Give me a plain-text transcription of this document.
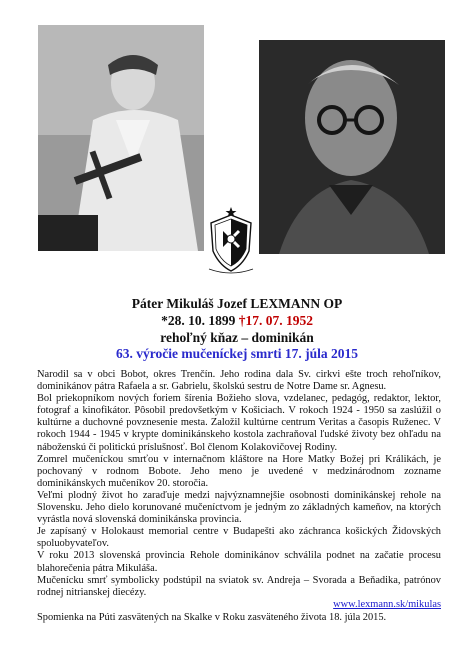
Páter Mikuláš Jozef LEXMANN OP
*28. 10. 1899 †17. 07. 1952
rehoľný kňaz – dominikán
63. výročie mučeníckej smrti 17. júla 2015

Narodil sa v obci Bobot, okres Trenčín. Jeho rodina dala Sv. cirkvi ešte troch rehoľníkov, dominikánov pátra Rafaela a sr. Gabrielu, školskú sestru de Notre Dame sr. Agnesu.

Bol priekopníkom nových foriem šírenia Božieho slova, vzdelanec, pedagóg, redaktor, lektor, fotograf a kinofikátor. Pôsobil predovšetkým v Košiciach. V rokoch 1924 - 1950 sa zaslúžil o kultúrne a duchovné povznesenie mesta. Založil kultúrne centrum Veritas a časopis Ruženec. V rokoch 1944 - 1945 v krypte dominikánskeho kostola zachraňoval ľudské životy bez ohľadu na náboženskú či politickú príslušnosť. Bol členom Kolakovičovej Rodiny.

Zomrel mučeníckou smrťou v internačnom kláštore na Hore Matky Božej pri Králikách, je pochovaný v rodnom Bobote. Jeho meno je uvedené v medzinárodnom zozname dominikánskych mučeníkov 20. storočia.

Veľmi plodný život ho zaraďuje medzi najvýznamnejšie osobnosti dominikánskej rehole na Slovensku. Jeho dielo korunované mučeníctvom je jedným zo základných kameňov, na ktorých vyrástla nová slovenská dominikánska provincia.

Je zapísaný v Holokaust memorial centre v Budapešti ako záchranca košických Židovských spoluobyvateľov.

V roku 2013 slovenská provincia Rehole dominikánov schválila podnet na začatie procesu blahorečenia pátra Mikuláša.

Mučenícku smrť symbolicky podstúpil na sviatok sv. Andreja – Svorada a Beňadika, patrónov rodnej nitrianskej diecézy.

www.lexmann.sk/mikulas

Spomienka na Púti zasvätených na Skalke v Roku zasväteného života 18. júla 2015.
